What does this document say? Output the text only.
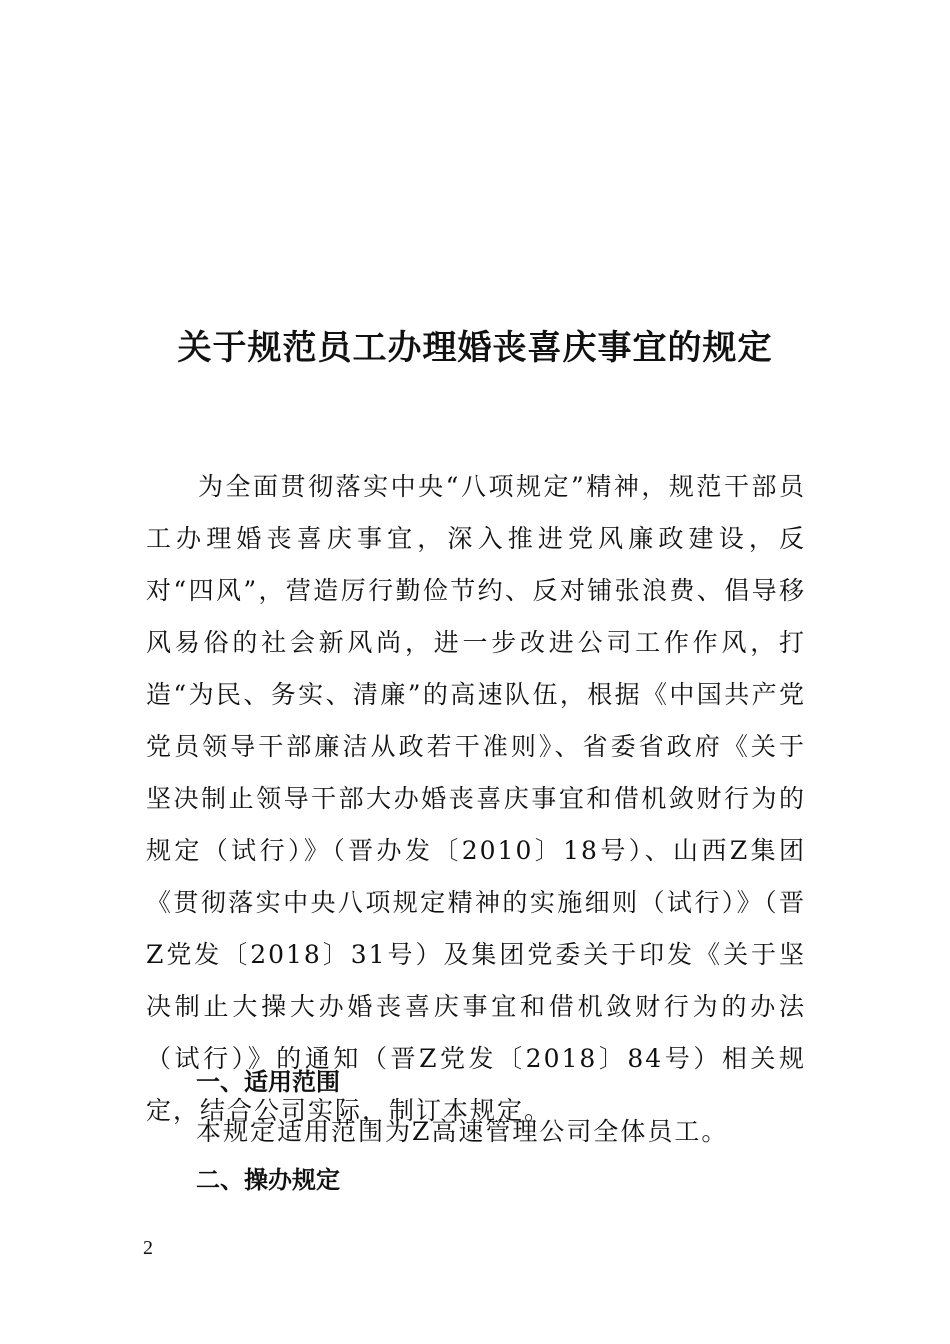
关于规范员工办理婚丧喜庆事宜的规定

为全面贯彻落实中央“八项规定”精神，规范干部员工办理婚丧喜庆事宜，深入推进党风廉政建设，反对“四风”，营造厉行勤俭节约、反对铺张浪费、倡导移风易俗的社会新风尚，进一步改进公司工作作风，打造“为民、务实、清廉”的高速队伍，根据《中国共产党党员领导干部廉洁从政若干准则》、省委省政府《关于坚决制止领导干部大办婚丧喜庆事宜和借机敛财行为的规定（试行）》（晋办发〔2010〕18号）、山西Z集团《贯彻落实中央八项规定精神的实施细则（试行）》（晋Z党发〔2018〕31号）及集团党委关于印发《关于坚决制止大操大办婚丧喜庆事宜和借机敛财行为的办法（试行）》的通知（晋Z党发〔2018〕84号）相关规定，结合公司实际，制订本规定。

一、适用范围

本规定适用范围为Z高速管理公司全体员工。

二、操办规定
2
